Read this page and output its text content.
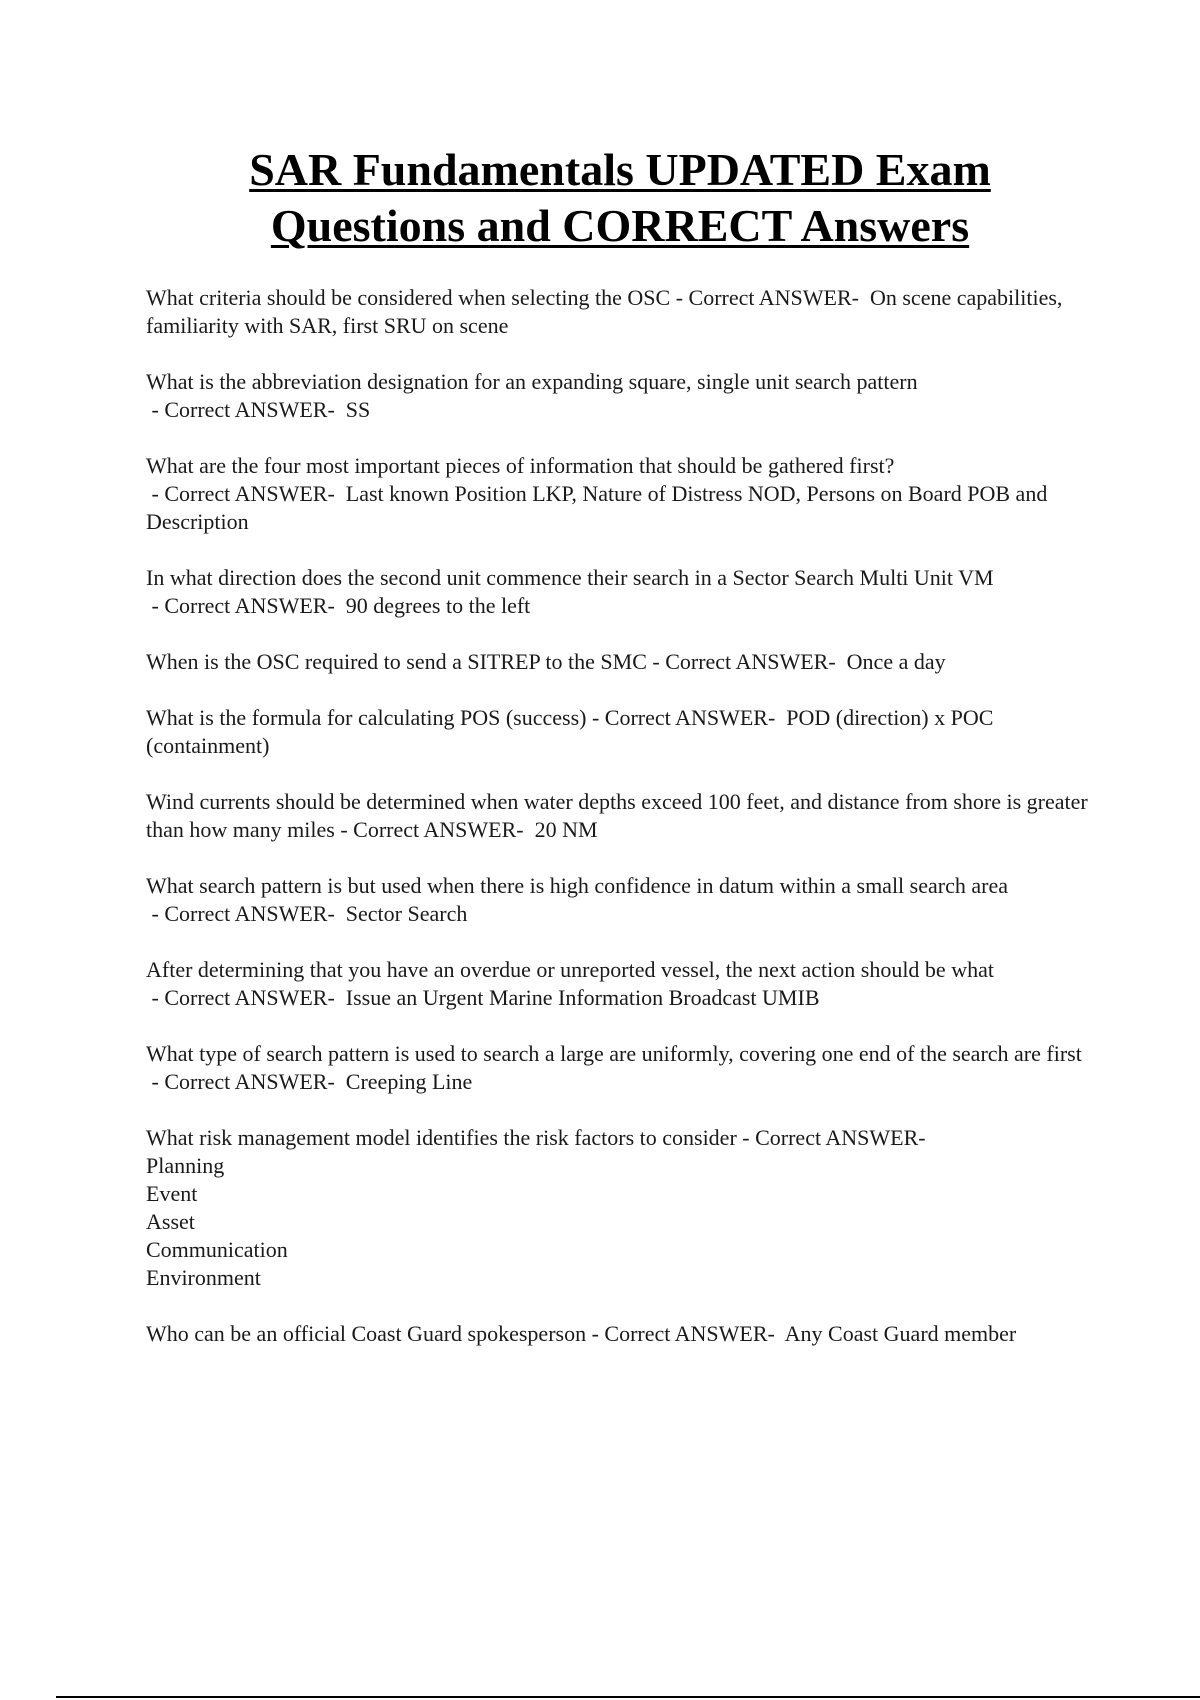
SAR Fundamentals UPDATED Exam
Questions and CORRECT Answers

What criteria should be considered when selecting the OSC - Correct ANSWER-  On scene capabilities, familiarity with SAR, first SRU on scene

What is the abbreviation designation for an expanding square, single unit search pattern - Correct ANSWER-  SS

What are the four most important pieces of information that should be gathered first? - Correct ANSWER-  Last known Position LKP, Nature of Distress NOD, Persons on Board POB and Description

In what direction does the second unit commence their search in a Sector Search Multi Unit VM - Correct ANSWER-  90 degrees to the left

When is the OSC required to send a SITREP to the SMC - Correct ANSWER-  Once a day

What is the formula for calculating POS (success) - Correct ANSWER-  POD (direction) x POC (containment)

Wind currents should be determined when water depths exceed 100 feet, and distance from shore is greater than how many miles - Correct ANSWER-  20 NM

What search pattern is but used when there is high confidence in datum within a small search area - Correct ANSWER-  Sector Search

After determining that you have an overdue or unreported vessel, the next action should be what - Correct ANSWER-  Issue an Urgent Marine Information Broadcast UMIB

What type of search pattern is used to search a large are uniformly, covering one end of the search are first - Correct ANSWER-  Creeping Line

What risk management model identifies the risk factors to consider - Correct ANSWER-
Planning
Event
Asset
Communication
Environment

Who can be an official Coast Guard spokesperson - Correct ANSWER-  Any Coast Guard member
